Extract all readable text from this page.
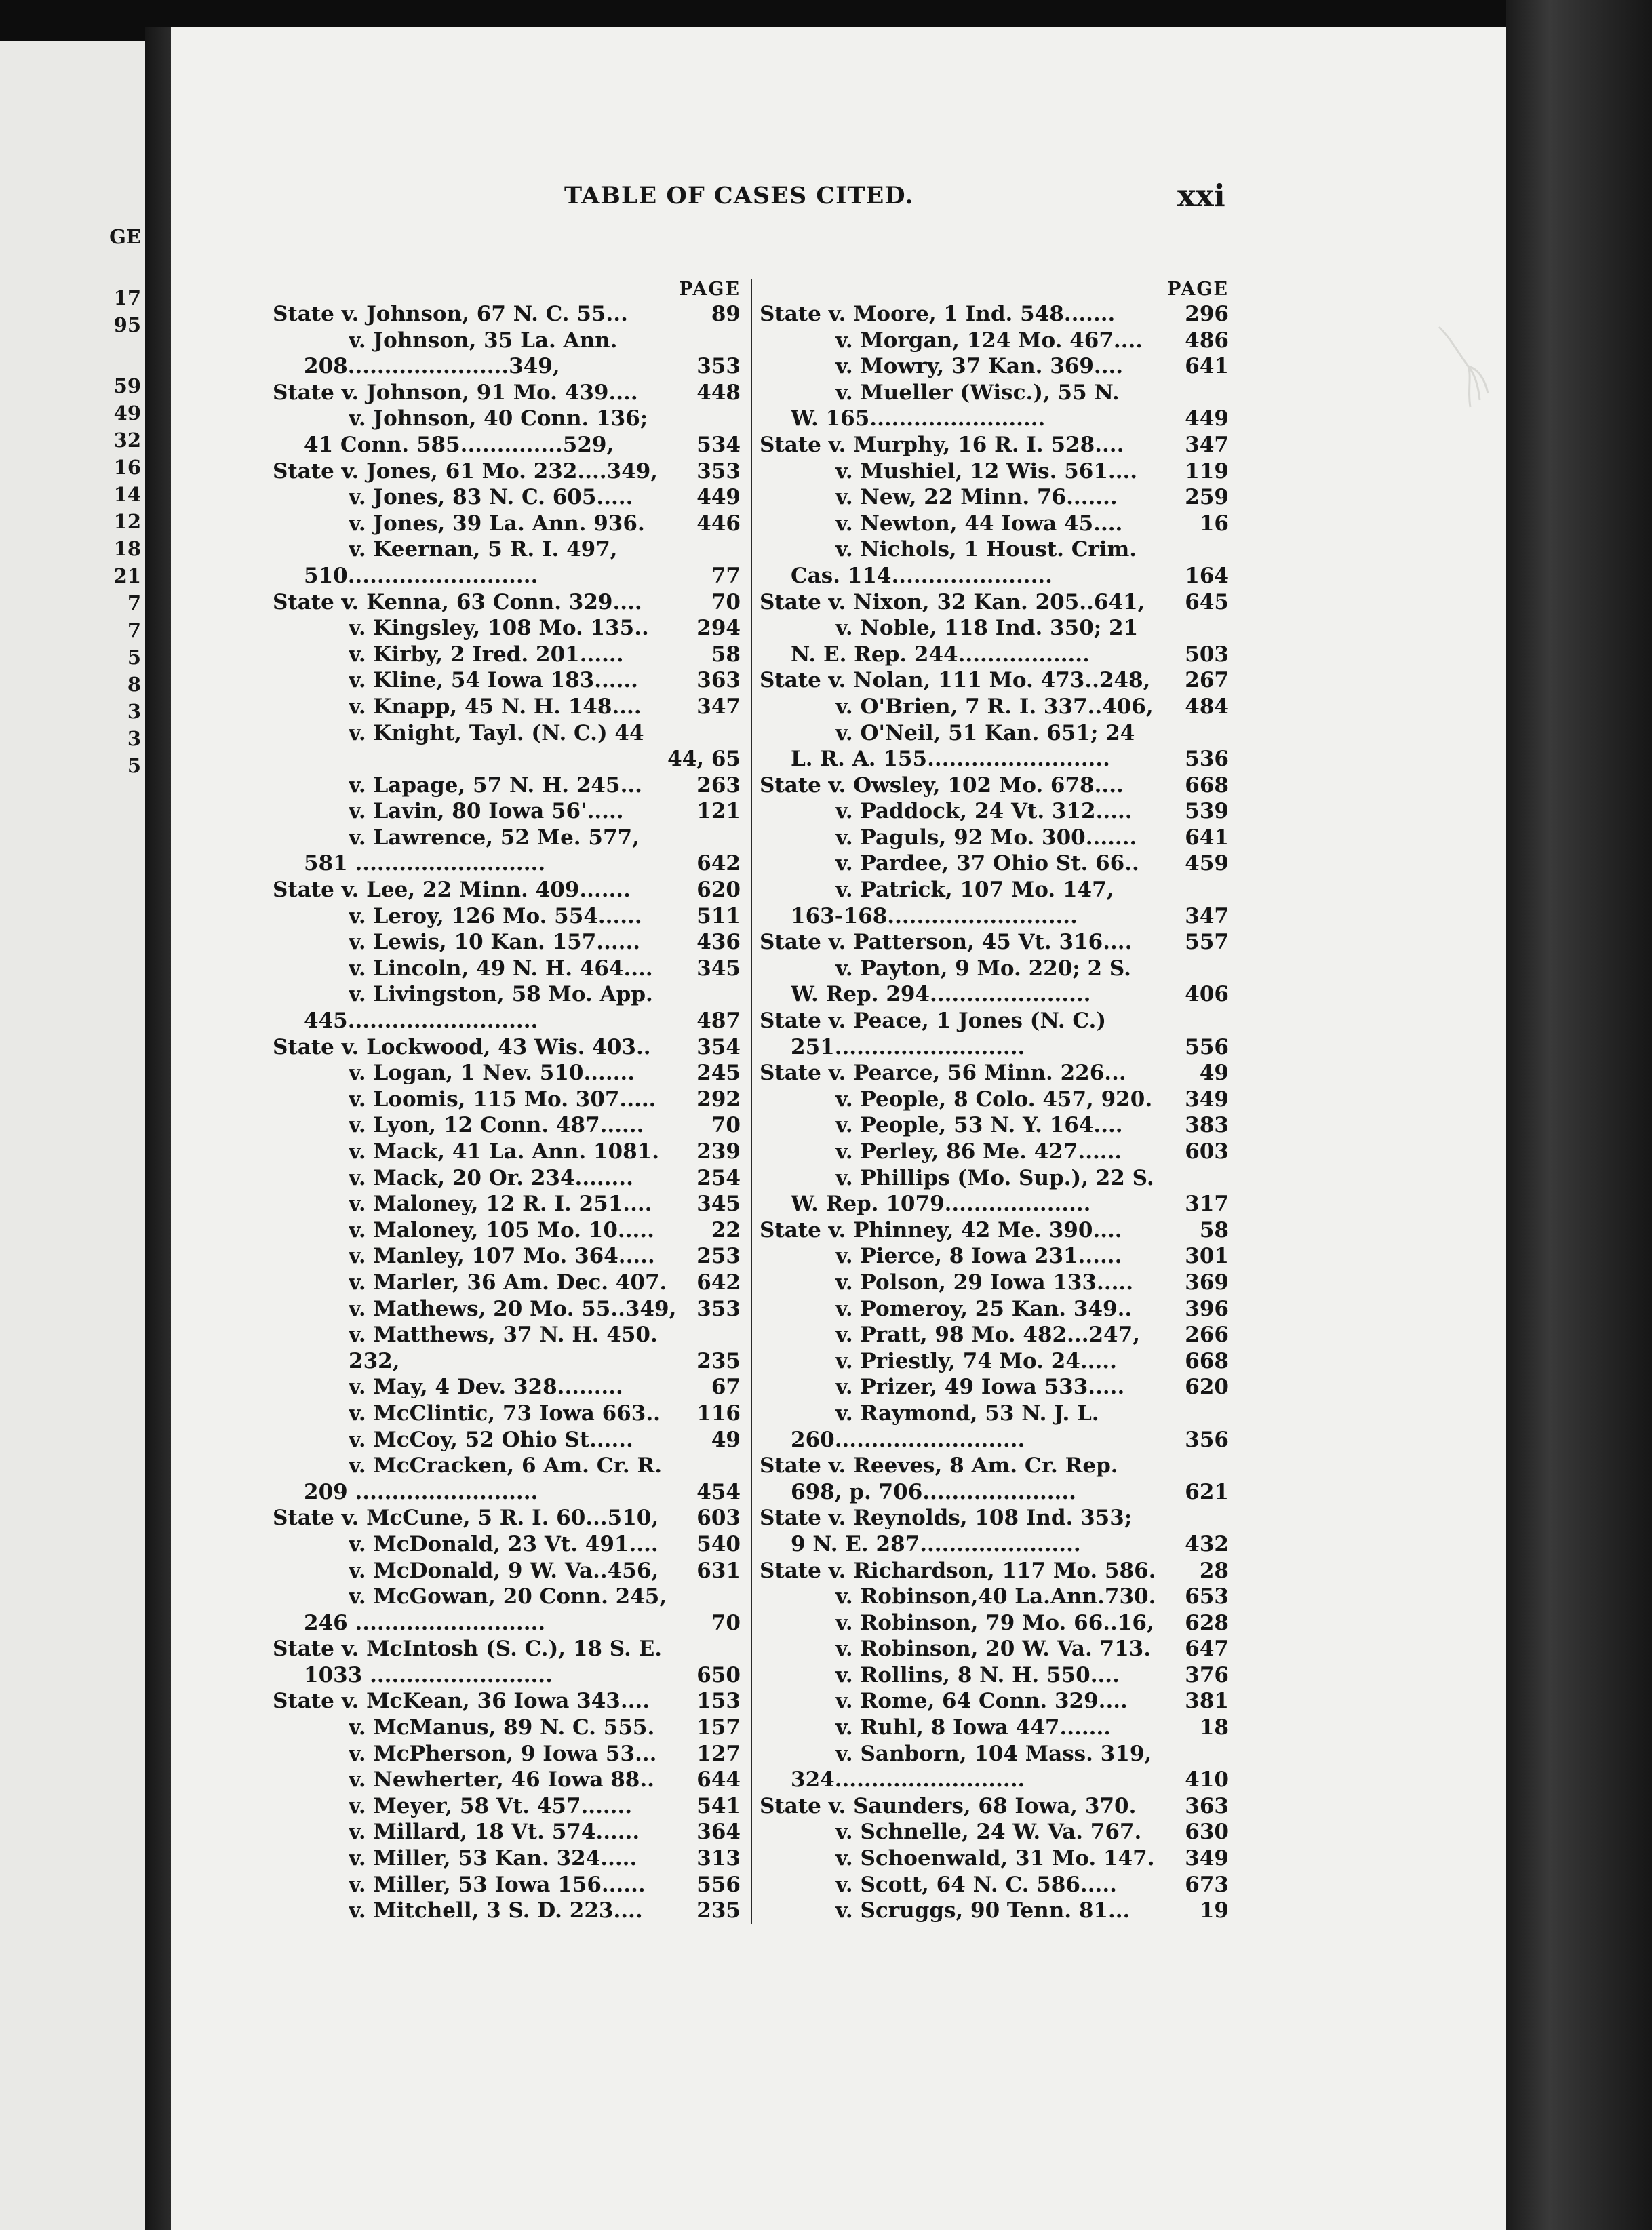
GE
17
95
59
49
32
16
14
12
18
21
7
7
5
8
3
3
5
TABLE OF CASES CITED.	xxi
PAGE
State v. Johnson, 67 N. C. 55...	89
v. Johnson, 35 La. Ann.
208......................349,	353
State v. Johnson, 91 Mo. 439....	448
v. Johnson, 40 Conn. 136;
41 Conn. 585..............529,	534
State v. Jones, 61 Mo. 232....349, 353
v. Jones, 83 N. C. 605.....	449
v. Jones, 39 La. Ann. 936. 446
v. Keernan, 5 R. I. 497,
510..........................	77
State v. Kenna, 63 Conn. 329....	70
v. Kingsley, 108 Mo. 135.. 294
v. Kirby, 2 Ired. 201......	58
v. Kline, 54 Iowa 183......	363
v. Knapp, 45 N. H. 148....	347
v. Knight, Tayl. (N. C.) 44
44, 65
v. Lapage, 57 N. H. 245...	263
v. Lavin, 80 Iowa 56'.....	121
v. Lawrence, 52 Me. 577,
581 ..........................	642
State v. Lee, 22 Minn. 409.......	620
v. Leroy, 126 Mo. 554......	511
v. Lewis, 10 Kan. 157......	436
v. Lincoln, 49 N. H. 464.... 345
v. Livingston, 58 Mo. App.
445..........................	487
State v. Lockwood, 43 Wis. 403.. 354
v. Logan, 1 Nev. 510.......	245
v. Loomis, 115 Mo. 307..... 292
v. Lyon, 12 Conn. 487......	70
v. Mack, 41 La. Ann. 1081. 239
v. Mack, 20 Or. 234........	254
v. Maloney, 12 R. I. 251.... 345
v. Maloney, 105 Mo. 10.....	22
v. Manley, 107 Mo. 364..... 253
v. Marler, 36 Am. Dec. 407. 642
v. Mathews, 20 Mo. 55..349, 353
v. Matthews, 37 N. H. 450.
232,	235
v. May, 4 Dev. 328.........	67
v. McClintic, 73 Iowa 663.. 116
v. McCoy, 52 Ohio St......	49
v. McCracken, 6 Am. Cr. R.
209 .........................	454
State v. McCune, 5 R. I. 60...510, 603
v. McDonald, 23 Vt. 491.... 540
v. McDonald, 9 W. Va..456, 631
v. McGowan, 20 Conn. 245,
246 ..........................	70
State v. McIntosh (S. C.), 18 S. E.
1033 .........................	650
State v. McKean, 36 Iowa 343.... 153
v. McManus, 89 N. C. 555. 157
v. McPherson, 9 Iowa 53... 127
v. Newherter, 46 Iowa 88.. 644
v. Meyer, 58 Vt. 457.......	541
v. Millard, 18 Vt. 574......	364
v. Miller, 53 Kan. 324.....	313
v. Miller, 53 Iowa 156...... 556
v. Mitchell, 3 S. D. 223....	235
PAGE
State v. Moore, 1 Ind. 548.......	296
v. Morgan, 124 Mo. 467.... 486
v. Mowry, 37 Kan. 369....	641
v. Mueller (Wisc.), 55 N.
W. 165........................	449
State v. Murphy, 16 R. I. 528....	347
v. Mushiel, 12 Wis. 561.... 119
v. New, 22 Minn. 76.......	259
v. Newton, 44 Iowa 45....	16
v. Nichols, 1 Houst. Crim.
Cas. 114......................	164
State v. Nixon, 32 Kan. 205..641, 645
v. Noble, 118 Ind. 350; 21
N. E. Rep. 244..................	503
State v. Nolan, 111 Mo. 473..248, 267
v. O'Brien, 7 R. I. 337..406, 484
v. O'Neil, 51 Kan. 651; 24
L. R. A. 155.........................	536
State v. Owsley, 102 Mo. 678....	668
v. Paddock, 24 Vt. 312.....	539
v. Paguls, 92 Mo. 300....... 641
v. Pardee, 37 Ohio St. 66.. 459
v. Patrick, 107 Mo. 147,
163-168..........................	347
State v. Patterson, 45 Vt. 316....	557
v. Payton, 9 Mo. 220; 2 S.
W. Rep. 294......................	406
State v. Peace, 1 Jones (N. C.)
251..........................	556
State v. Pearce, 56 Minn. 226...	49
v. People, 8 Colo. 457, 920. 349
v. People, 53 N. Y. 164....	383
v. Perley, 86 Me. 427......	603
v. Phillips (Mo. Sup.), 22 S.
W. Rep. 1079....................	317
State v. Phinney, 42 Me. 390....	58
v. Pierce, 8 Iowa 231......	301
v. Polson, 29 Iowa 133..... 369
v. Pomeroy, 25 Kan. 349..	396
v. Pratt, 98 Mo. 482...247, 266
v. Priestly, 74 Mo. 24.....	668
v. Prizer, 49 Iowa 533.....	620
v. Raymond, 53 N. J. L.
260..........................	356
State v. Reeves, 8 Am. Cr. Rep.
698, p. 706.....................	621
State v. Reynolds, 108 Ind. 353;
9 N. E. 287......................	432
State v. Richardson, 117 Mo. 586. 28
v. Robinson,40 La.Ann.730. 653
v. Robinson, 79 Mo. 66..16, 628
v. Robinson, 20 W. Va. 713. 647
v. Rollins, 8 N. H. 550....	376
v. Rome, 64 Conn. 329....	381
v. Ruhl, 8 Iowa 447.......	18
v. Sanborn, 104 Mass. 319,
324..........................	410
State v. Saunders, 68 Iowa, 370. 363
v. Schnelle, 24 W. Va. 767. 630
v. Schoenwald, 31 Mo. 147. 349
v. Scott, 64 N. C. 586.....	673
v. Scruggs, 90 Tenn. 81...	19
